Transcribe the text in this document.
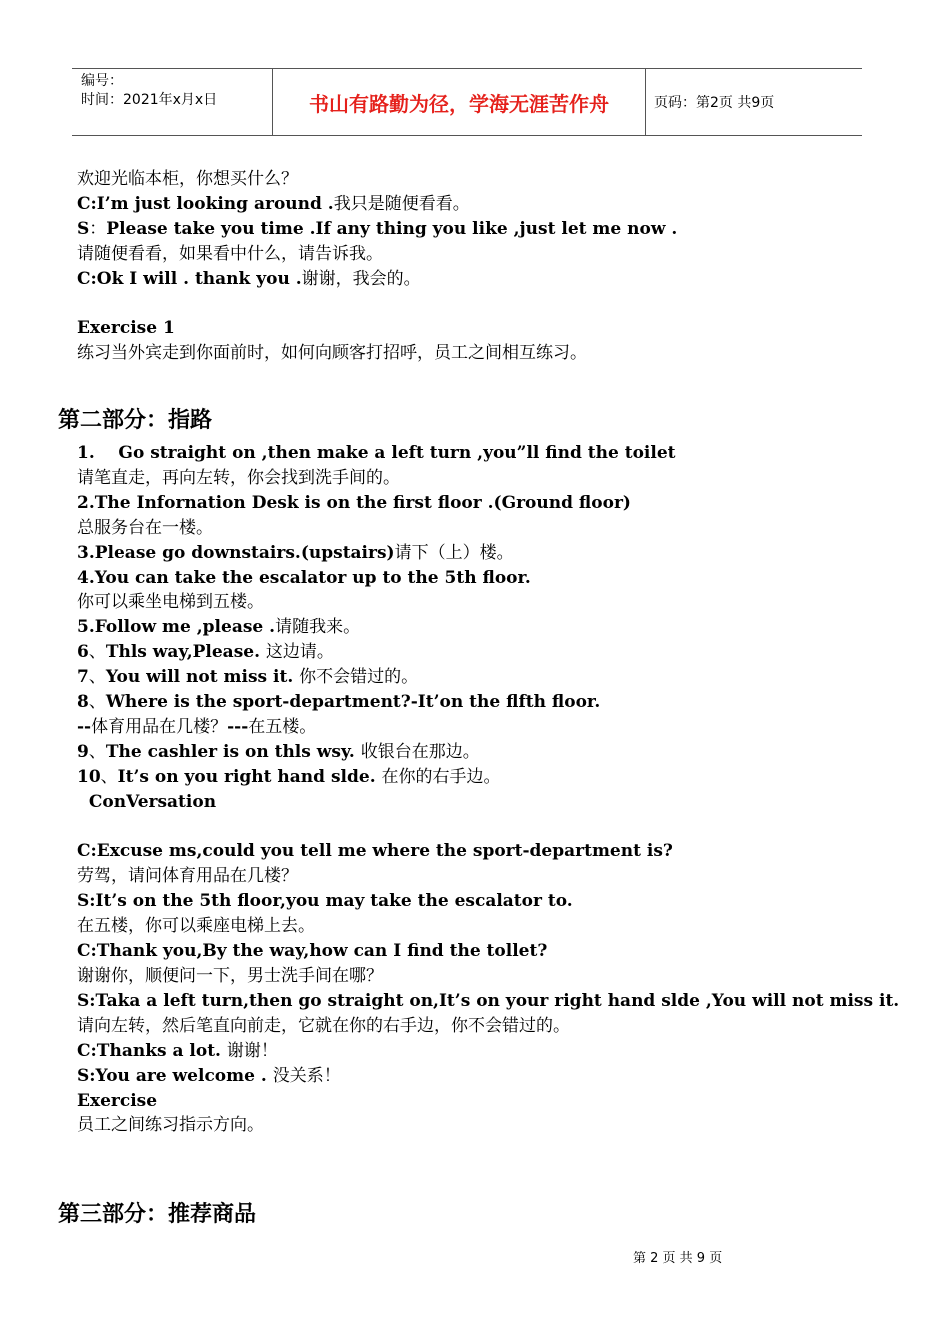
编号：
时间：2021年x月x日	书山有路勤为径，学海无涯苦作舟	页码：第2页 共9页
欢迎光临本柜，你想买什么？
C:I’m just looking around .我只是随便看看。
S：Please take you time .If any thing you like ,just let me now .
请随便看看，如果看中什么，请告诉我。
C:Ok I will . thank you .谢谢，我会的。
Exercise 1
练习当外宾走到你面前时，如何向顾客打招呼，员工之间相互练习。
第二部分：指路
1.    Go straight on ,then make a left turn ,you”ll find the toilet
请笔直走，再向左转，你会找到洗手间的。
2.The Infornation Desk is on the first floor .(Ground floor)
总服务台在一楼。
3.Please go downstairs.(upstairs)请下（上）楼。
4.You can take the escalator up to the 5th floor.
你可以乘坐电梯到五楼。
5.Follow me ,please .请随我来。
6、Thls way,Please. 这边请。
7、You will not miss it. 你不会错过的。
8、Where is the sport-department?-It’on the flfth floor.
--体育用品在几楼？---在五楼。
9、The cashler is on thls wsy. 收银台在那边。
10、It’s on you right hand slde. 在你的右手边。
ConVersation
C:Excuse ms,could you tell me where the sport-department is?
劳驾，请问体育用品在几楼？
S:It’s on the 5th floor,you may take the escalator to.
在五楼，你可以乘座电梯上去。
C:Thank you,By the way,how can I find the tollet?
谢谢你，顺便问一下，男士洗手间在哪？
S:Taka a left turn,then go straight on,It’s on your right hand slde ,You will not miss it.
请向左转，然后笔直向前走，它就在你的右手边，你不会错过的。
C:Thanks a lot. 谢谢！
S:You are welcome . 没关系！
Exercise
员工之间练习指示方向。
第三部分：推荐商品
第 2 页 共 9 页
